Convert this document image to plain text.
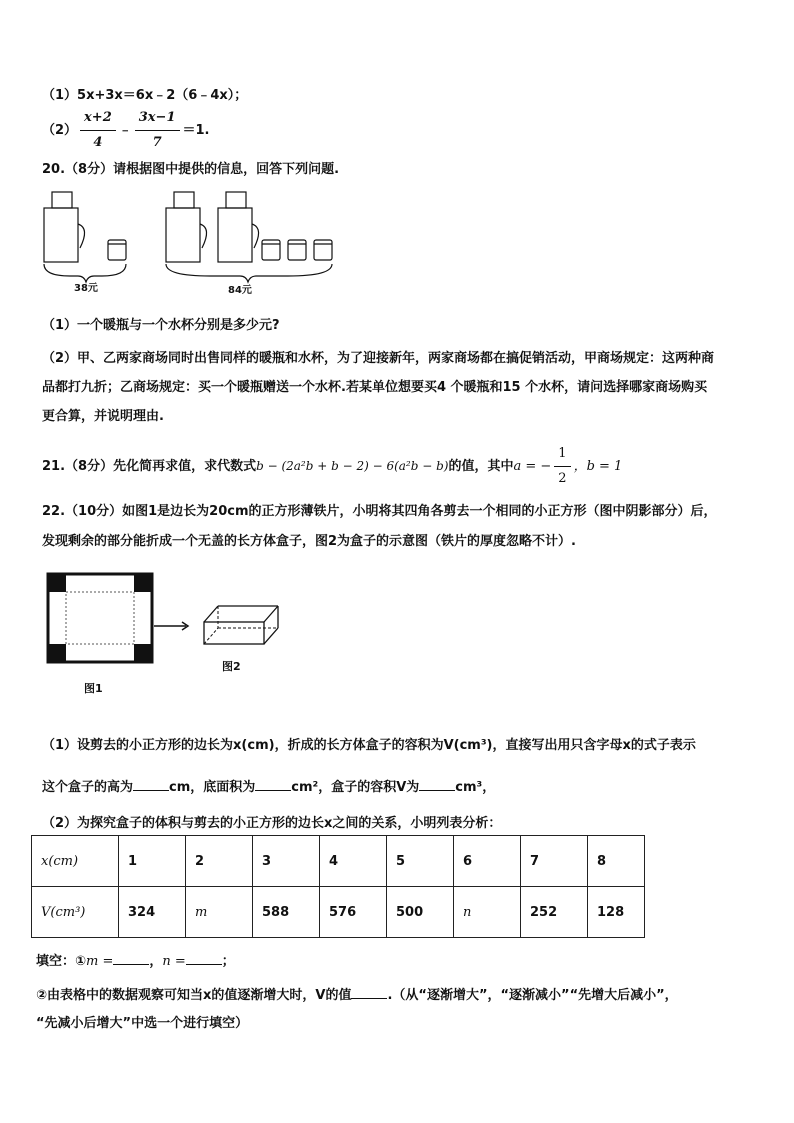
（1）5x+3x＝6x﹣2（6﹣4x）；
$(2) \frac{x+2}{4}$ ﹣ $\frac{3x-1}{7} =1$.
20.（8分）请根据图中提供的信息，回答下列问题.
38元	84元
（1）一个暖瓶与一个水杯分别是多少元?
（2）甲、乙两家商场同时出售同样的暖瓶和水杯，为了迎接新年，两家商场都在搞促销活动，甲商场规定：这两种商
品都打九折；乙商场规定：买一个暖瓶赠送一个水杯.若某单位想要买4 个暖瓶和15 个水杯，请问选择哪家商场购买
更合算，并说明理由.
21.（8分）先化简再求值，求代数式b − (2a²b + b − 2) − 6(a²b − b)的值，其中a = − $\frac{1}{2}$ ，b = 1
22.（10分）如图1是边长为20cm的正方形薄铁片，小明将其四角各剪去一个相同的小正方形（图中阴影部分）后，
发现剩余的部分能折成一个无盖的长方体盒子，图2为盒子的示意图（铁片的厚度忽略不计）.
图2
图1
（1）设剪去的小正方形的边长为x(cm)，折成的长方体盒子的容积为V(cm³)，直接写出用只含字母x的式子表示
这个盒子的高为	cm，底面积为	cm²，盒子的容积V为	cm³，
（2）为探究盒子的体积与剪去的小正方形的边长x之间的关系，小明列表分析：
x(cm)	1	2	3	4	5	6	7	8
V(cm³)	324	m	588	576	500	n	252	128
填空：①m =	，n =	；
②由表格中的数据观察可知当x的值逐渐增大时，V的值	.（从“逐渐增大”，“逐渐减小”“先增大后减小”，
“先减小后增大”中选一个进行填空）
